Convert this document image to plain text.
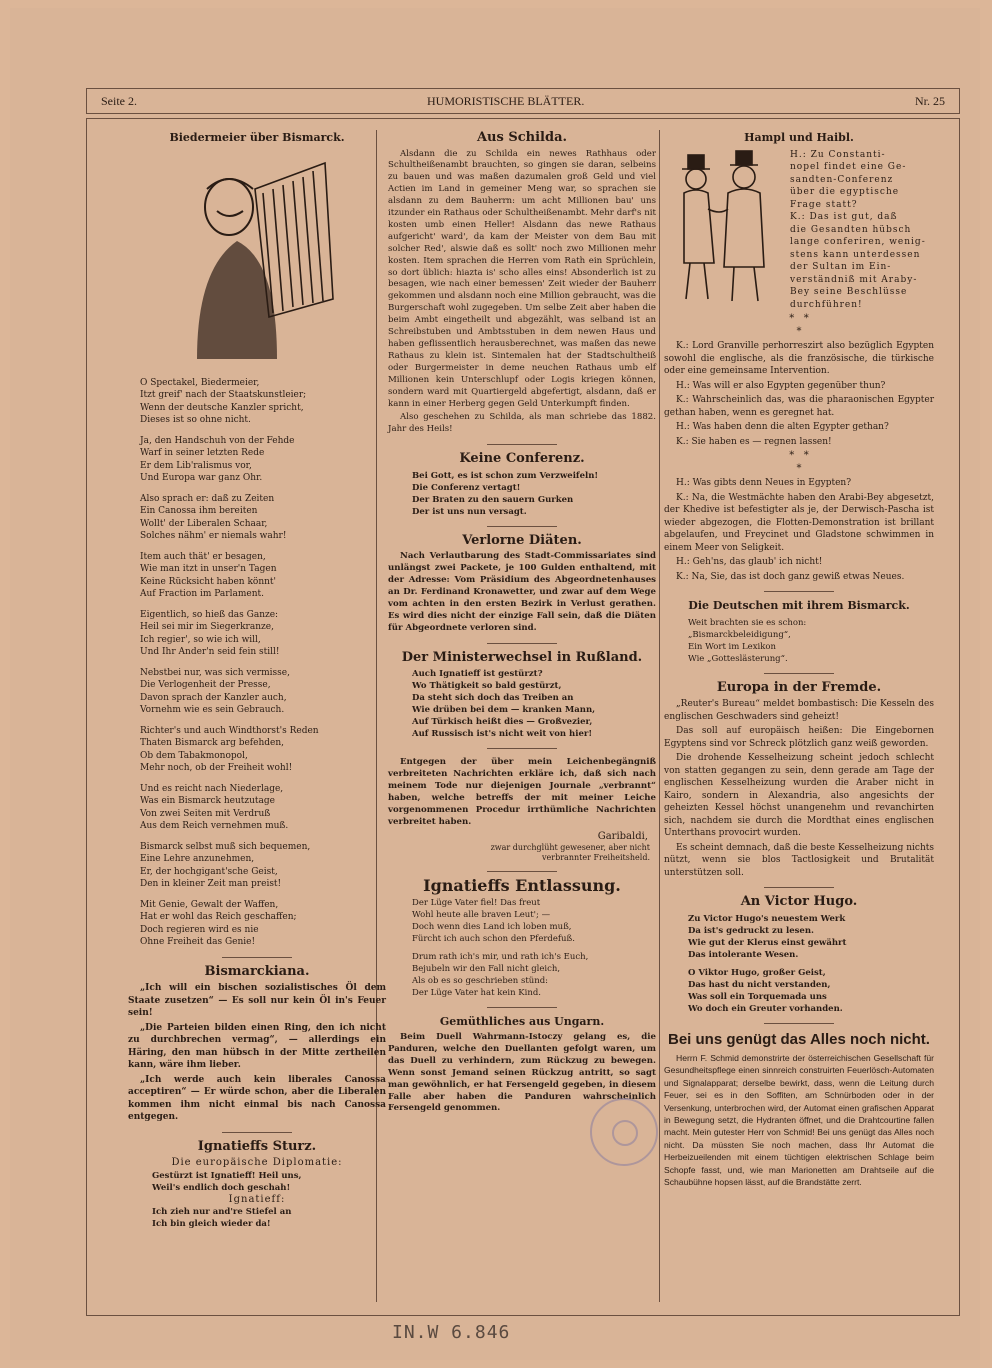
Seite 2.	HUMORISTISCHE BLÄTTER.	Nr. 25
Biedermeier über Bismarck.
O Spectakel, Biedermeier,
Itzt greif' nach der Staatskunstleier;
Wenn der deutsche Kanzler spricht,
Dieses ist so ohne nicht.
Ja, den Handschuh von der Fehde
Warf in seiner letzten Rede
Er dem Lib'ralismus vor,
Und Europa war ganz Ohr.
Also sprach er: daß zu Zeiten
Ein Canossa ihm bereiten
Wollt' der Liberalen Schaar,
Solches nähm' er niemals wahr!
Item auch thät' er besagen,
Wie man itzt in unser'n Tagen
Keine Rücksicht haben könnt'
Auf Fraction im Parlament.
Eigentlich, so hieß das Ganze:
Heil sei mir im Siegerkranze,
Ich regier', so wie ich will,
Und Ihr Ander'n seid fein still!
Nebstbei nur, was sich vermisse,
Die Verlogenheit der Presse,
Davon sprach der Kanzler auch,
Vornehm wie es sein Gebrauch.
Richter's und auch Windthorst's Reden
Thaten Bismarck arg befehden,
Ob dem Tabakmonopol,
Mehr noch, ob der Freiheit wohl!
Und es reicht nach Niederlage,
Was ein Bismarck heutzutage
Von zwei Seiten mit Verdruß
Aus dem Reich vernehmen muß.
Bismarck selbst muß sich bequemen,
Eine Lehre anzunehmen,
Er, der hochgigant'sche Geist,
Den in kleiner Zeit man preist!
Mit Genie, Gewalt der Waffen,
Hat er wohl das Reich geschaffen;
Doch regieren wird es nie
Ohne Freiheit das Genie!
Bismarckiana.

„Ich will ein bischen sozialistisches Öl dem Staate zusetzen“ — Es soll nur kein Öl in's Feuer sein!

„Die Parteien bilden einen Ring, den ich nicht zu durchbrechen vermag“, — allerdings ein Häring, den man hübsch in der Mitte zertheilen kann, wäre ihm lieber.

„Ich werde auch kein liberales Canossa acceptiren“ — Er würde schon, aber die Liberalen kommen ihm nicht einmal bis nach Canossa entgegen.

Ignatieffs Sturz.
Die europäische Diplomatie:
Gestürzt ist Ignatieff! Heil uns,
Weil's endlich doch geschah!
Ignatieff:
Ich zieh nur and're Stiefel an
Ich bin gleich wieder da!
Aus Schilda.

Alsdann die zu Schilda ein newes Rathhaus oder Schultheißenambt brauchten, so gingen sie daran, selbeins zu bauen und was maßen dazumalen groß Geld und viel Actien im Land in gemeiner Meng war, so sprachen sie alsdann zu dem Bauherrn: um acht Millionen bau' uns itzunder ein Rathaus oder Schultheißenambt. Mehr darf's nit kosten umb einen Heller! Alsdann das newe Rathaus aufgericht' ward', da kam der Meister von dem Bau mit solcher Red', alswie daß es sollt' noch zwo Millionen mehr kosten. Item sprachen die Herren vom Rath ein Sprüchlein, so dort üblich: hiazta is' scho alles eins! Absonderlich ist zu besagen, wie nach einer bemessen' Zeit wieder der Bauherr gekommen und alsdann noch eine Million gebraucht, was die Burgerschaft wohl zugegeben. Um selbe Zeit aber haben die beim Ambt eingetheilt und abgezählt, was selband ist an Schreibstuben und Ambtsstuben in dem newen Haus und haben geflissentlich herausberechnet, was maßen das newe Rathaus zu klein ist. Sintemalen hat der Stadtschultheiß oder Burgermeister in deme neuchen Rathaus umb elf Millionen kein Unterschlupf oder Logis kriegen können, sondern ward mit Quartiergeld abgefertigt, alsdann, daß er kann in einer Herberg gegen Geld Unterkumpft finden.

Also geschehen zu Schilda, als man schriebe das 1882. Jahr des Heils!

Keine Conferenz.
Bei Gott, es ist schon zum Verzweifeln!
Die Conferenz vertagt!
Der Braten zu den sauern Gurken
Der ist uns nun versagt.
Verlorne Diäten.

Nach Verlautbarung des Stadt-Commissariates sind unlängst zwei Packete, je 100 Gulden enthaltend, mit der Adresse: Vom Präsidium des Abgeordnetenhauses an Dr. Ferdinand Kronawetter, und zwar auf dem Wege vom achten in den ersten Bezirk in Verlust gerathen. Es wird dies nicht der einzige Fall sein, daß die Diäten für Abgeordnete verloren sind.

Der Ministerwechsel in Rußland.
Auch Ignatieff ist gestürzt?
Wo Thätigkeit so bald gestürzt,
Da steht sich doch das Treiben an
Wie drüben bei dem — kranken Mann,
Auf Türkisch heißt dies — Großvezier,
Auf Russisch ist's nicht weit von hier!

Entgegen der über mein Leichenbegängniß verbreiteten Nachrichten erkläre ich, daß sich nach meinem Tode nur diejenigen Journale „verbrannt“ haben, welche betreffs der mit meiner Leiche vorgenommenen Procedur irrthümliche Nachrichten verbreitet haben.

Garibaldi,
zwar durchglüht gewesener, aber nicht
verbrannter Freiheitsheld.
Ignatieffs Entlassung.
Der Lüge Vater fiel! Das freut
Wohl heute alle braven Leut'; —
Doch wenn dies Land ich loben muß,
Fürcht ich auch schon den Pferdefuß.
Drum rath ich's mir, und rath ich's Euch,
Bejubeln wir den Fall nicht gleich,
Als ob es so geschrieben stünd:
Der Lüge Vater hat kein Kind.
Gemüthliches aus Ungarn.

Beim Duell Wahrmann-Istoczy gelang es, die Panduren, welche den Duellanten gefolgt waren, um das Duell zu verhindern, zum Rückzug zu bewegen. Wenn sonst Jemand seinen Rückzug antritt, so sagt man gewöhnlich, er hat Fersengeld gegeben, in diesem Falle aber haben die Panduren wahrscheinlich Fersengeld genommen.

Hampl und Haibl.
H.: Zu Constanti-
nopel findet eine Ge-
sandten-Conferenz
über die egyptische
Frage statt?
K.: Das ist gut, daß
die Gesandten hübsch
lange conferiren, wenig-
stens kann unterdessen
der Sultan im Ein-
verständniß mit Araby-
Bey seine Beschlüsse
durchführen!
*   *
*

K.: Lord Granville perhorreszirt also bezüglich Egypten sowohl die englische, als die französische, die türkische oder eine gemeinsame Intervention.

H.: Was will er also Egypten gegenüber thun?

K.: Wahrscheinlich das, was die pharaonischen Egypter gethan haben, wenn es geregnet hat.

H.: Was haben denn die alten Egypter gethan?

K.: Sie haben es — regnen lassen!

*   *
*

H.: Was gibts denn Neues in Egypten?

K.: Na, die Westmächte haben den Arabi-Bey abgesetzt, der Khedive ist befestigter als je, der Derwisch-Pascha ist wieder abgezogen, die Flotten-Demonstration ist brillant abgelaufen, und Freycinet und Gladstone schwimmen in einem Meer von Seligkeit.

H.: Geh'ns, das glaub' ich nicht!

K.: Na, Sie, das ist doch ganz gewiß etwas Neues.

Die Deutschen mit ihrem Bismarck.
Weit brachten sie es schon:
„Bismarckbeleidigung“,
Ein Wort im Lexikon
Wie „Gotteslästerung“.
Europa in der Fremde.

„Reuter's Bureau“ meldet bombastisch: Die Kesseln des englischen Geschwaders sind geheizt!

Das soll auf europäisch heißen: Die Eingebornen Egyptens sind vor Schreck plötzlich ganz weiß geworden.

Die drohende Kesselheizung scheint jedoch schlecht von statten gegangen zu sein, denn gerade am Tage der englischen Kesselheizung wurden die Araber nicht in Kairo, sondern in Alexandria, also angesichts der geheizten Kessel höchst unangenehm und revanchirten sich, nachdem sie durch die Mordthat eines englischen Unterthans provocirt wurden.

Es scheint demnach, daß die beste Kesselheizung nichts nützt, wenn sie blos Tactlosigkeit und Brutalität unterstützen soll.

An Victor Hugo.
Zu Victor Hugo's neuestem Werk
Da ist's gedruckt zu lesen.
Wie gut der Klerus einst gewährt
Das intolerante Wesen.
O Viktor Hugo, großer Geist,
Das hast du nicht verstanden,
Was soll ein Torquemada uns
Wo doch ein Greuter vorhanden.
Bei uns genügt das Alles noch nicht.

Herrn F. Schmid demonstrirte der österreichischen Gesellschaft für Gesundheitspflege einen sinnreich construirten Feuerlösch-Automaten und Signalapparat; derselbe bewirkt, dass, wenn die Leitung durch Feuer, sei es in den Soffiten, am Schnürboden oder in der Versenkung, unterbrochen wird, der Automat einen grafischen Apparat in Bewegung setzt, die Hydranten öffnet, und die Drahtcourtine fallen macht. Mein gutester Herr von Schmid! Bei uns genügt das Alles noch nicht. Da müssten Sie noch machen, dass Ihr Automat die Herbeizueilenden mit einem tüchtigen elektrischen Schlage beim Schopfe fasst, und, wie man Marionetten am Drahtseile auf die Schaubühne hopsen lässt, auf die Brandstätte zerrt.

IN.W 6.846
